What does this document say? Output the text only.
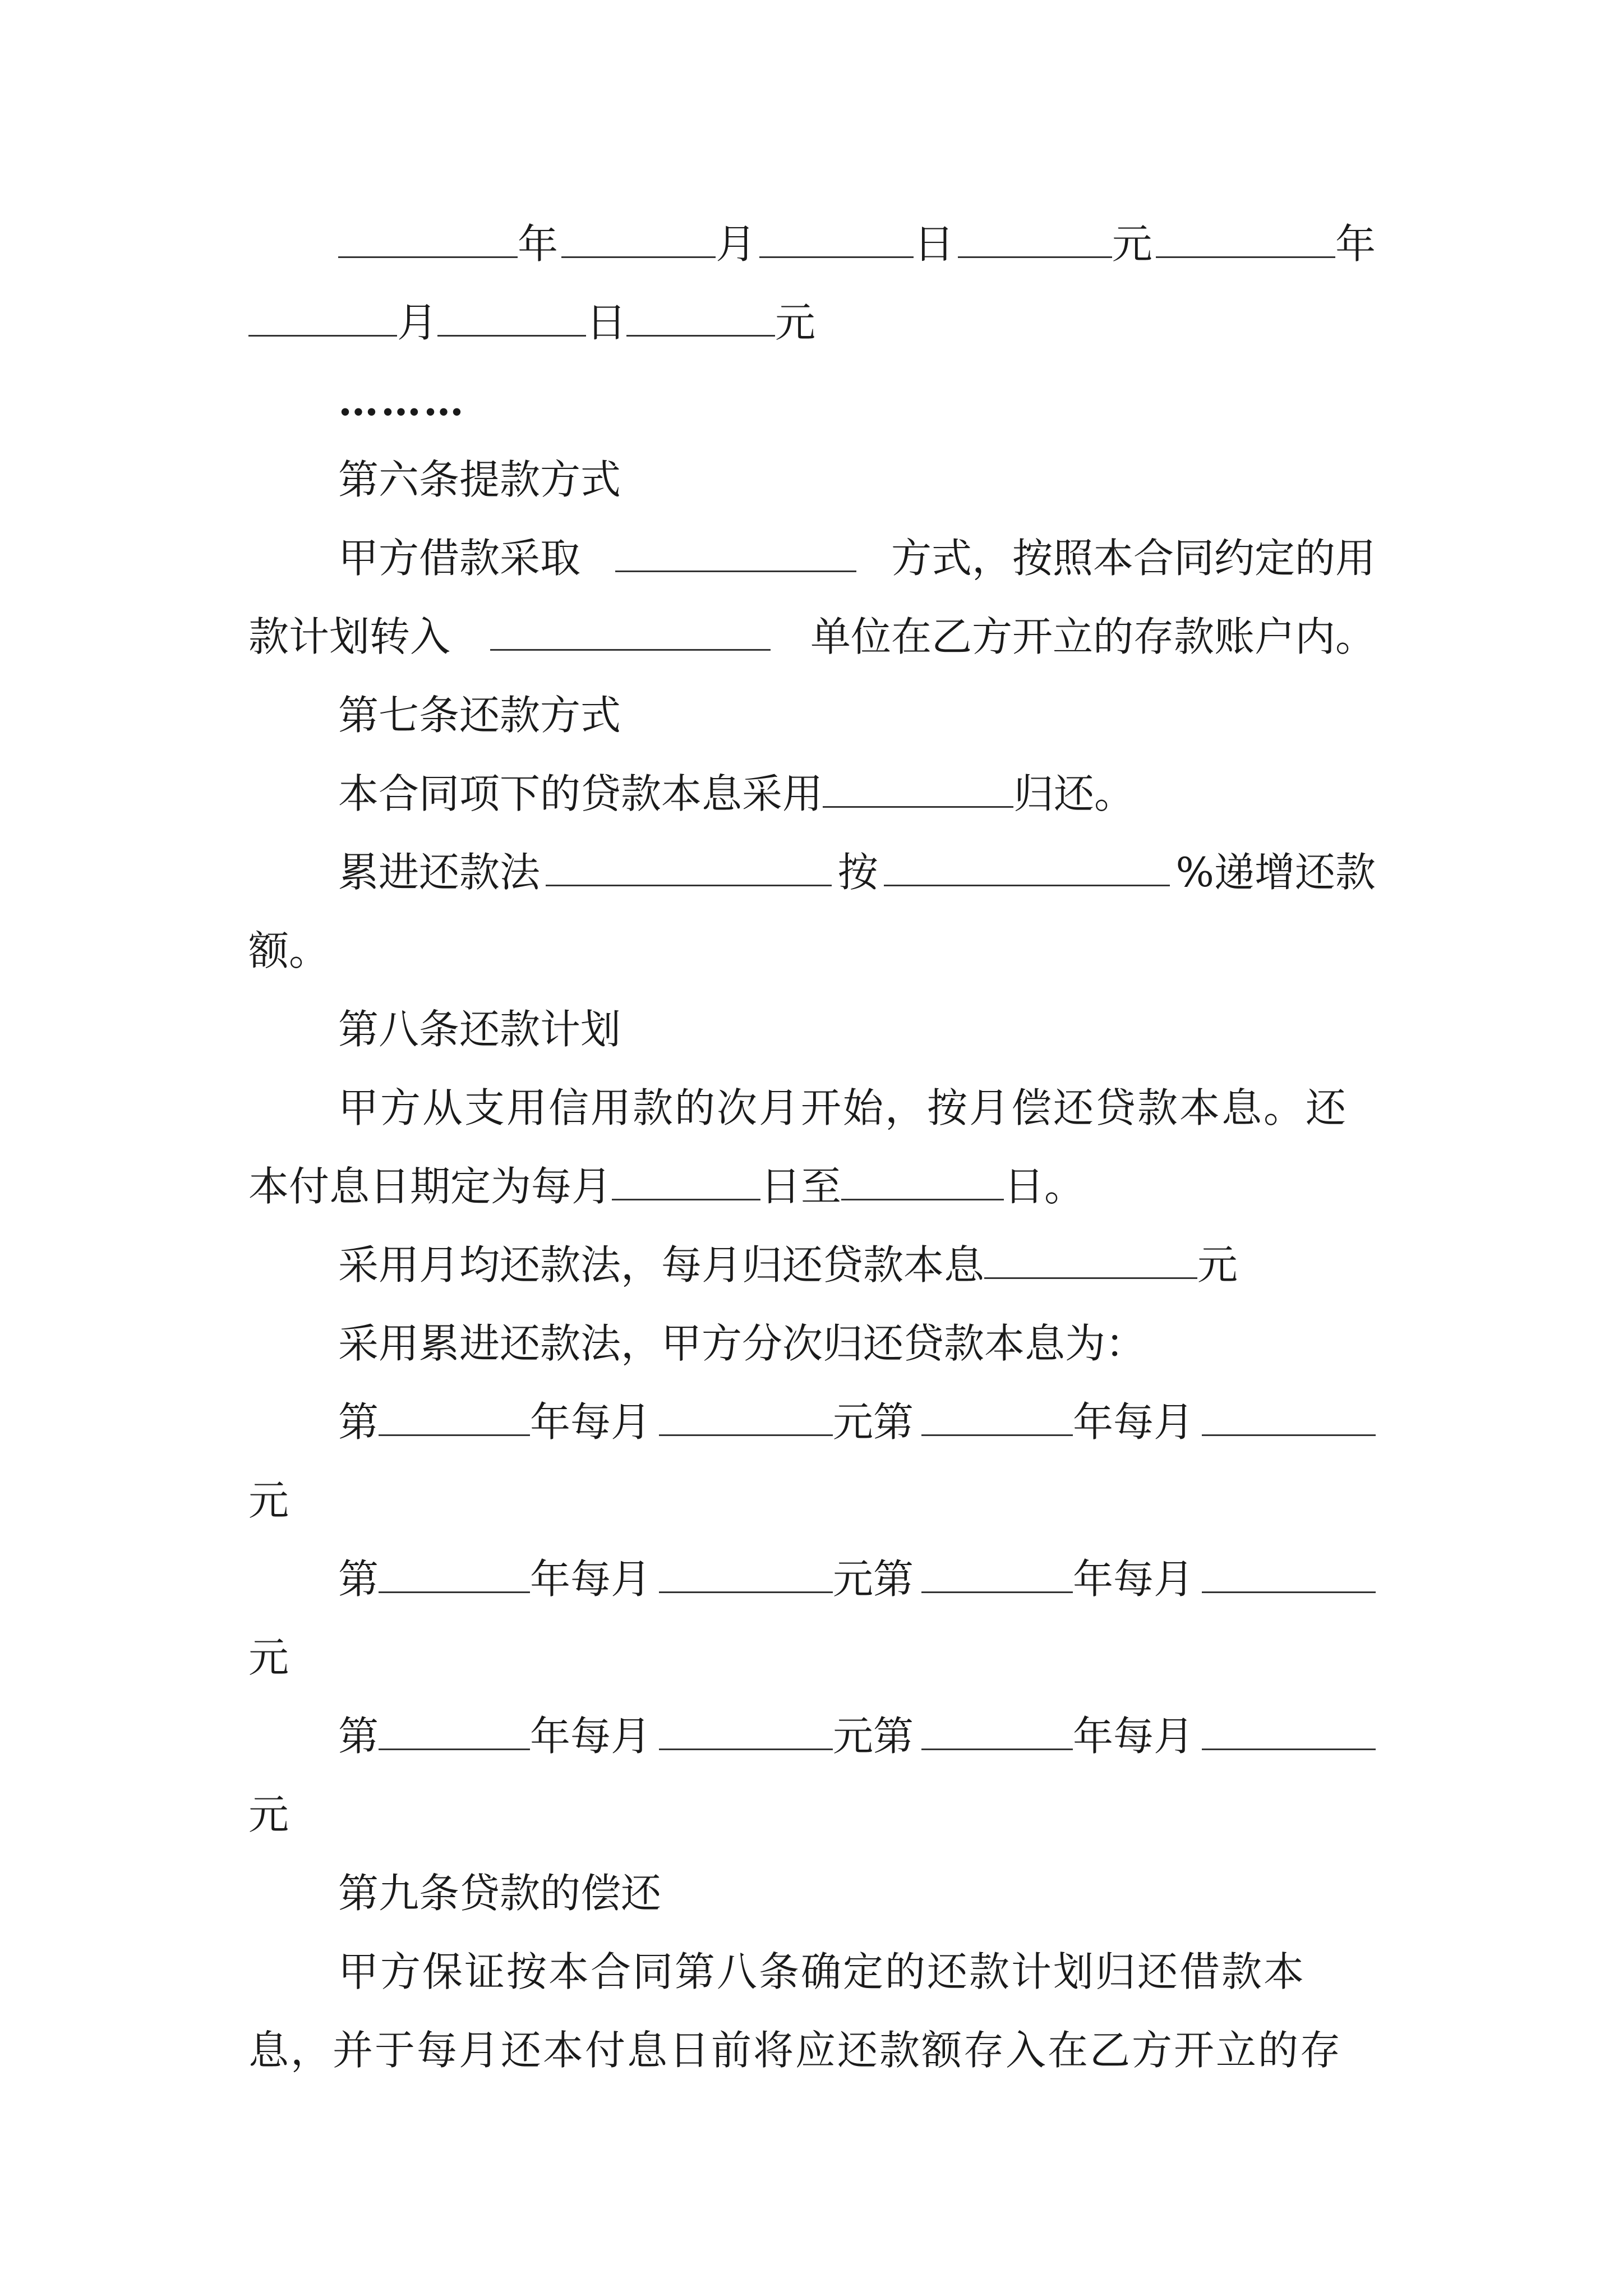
年	月	日	元	年
月	日	元
………
第六条提款方式
甲方借款采取	方式，按照本合同约定的用
款计划转入	单位在乙方开立的存款账户内。
第七条还款方式
本合同项下的贷款本息采用	归还。
累进还款法	按	%递增还款
额。
第八条还款计划
甲方从支用信用款的次月开始，按月偿还贷款本息。还
本付息日期定为每月	日至	日。
采用月均还款法，每月归还贷款本息	元
采用累进还款法，甲方分次归还贷款本息为：
第	年每月	元第	年每月
元
第	年每月	元第	年每月
元
第	年每月	元第	年每月
元
第九条贷款的偿还
甲方保证按本合同第八条确定的还款计划归还借款本
息，并于每月还本付息日前将应还款额存入在乙方开立的存
